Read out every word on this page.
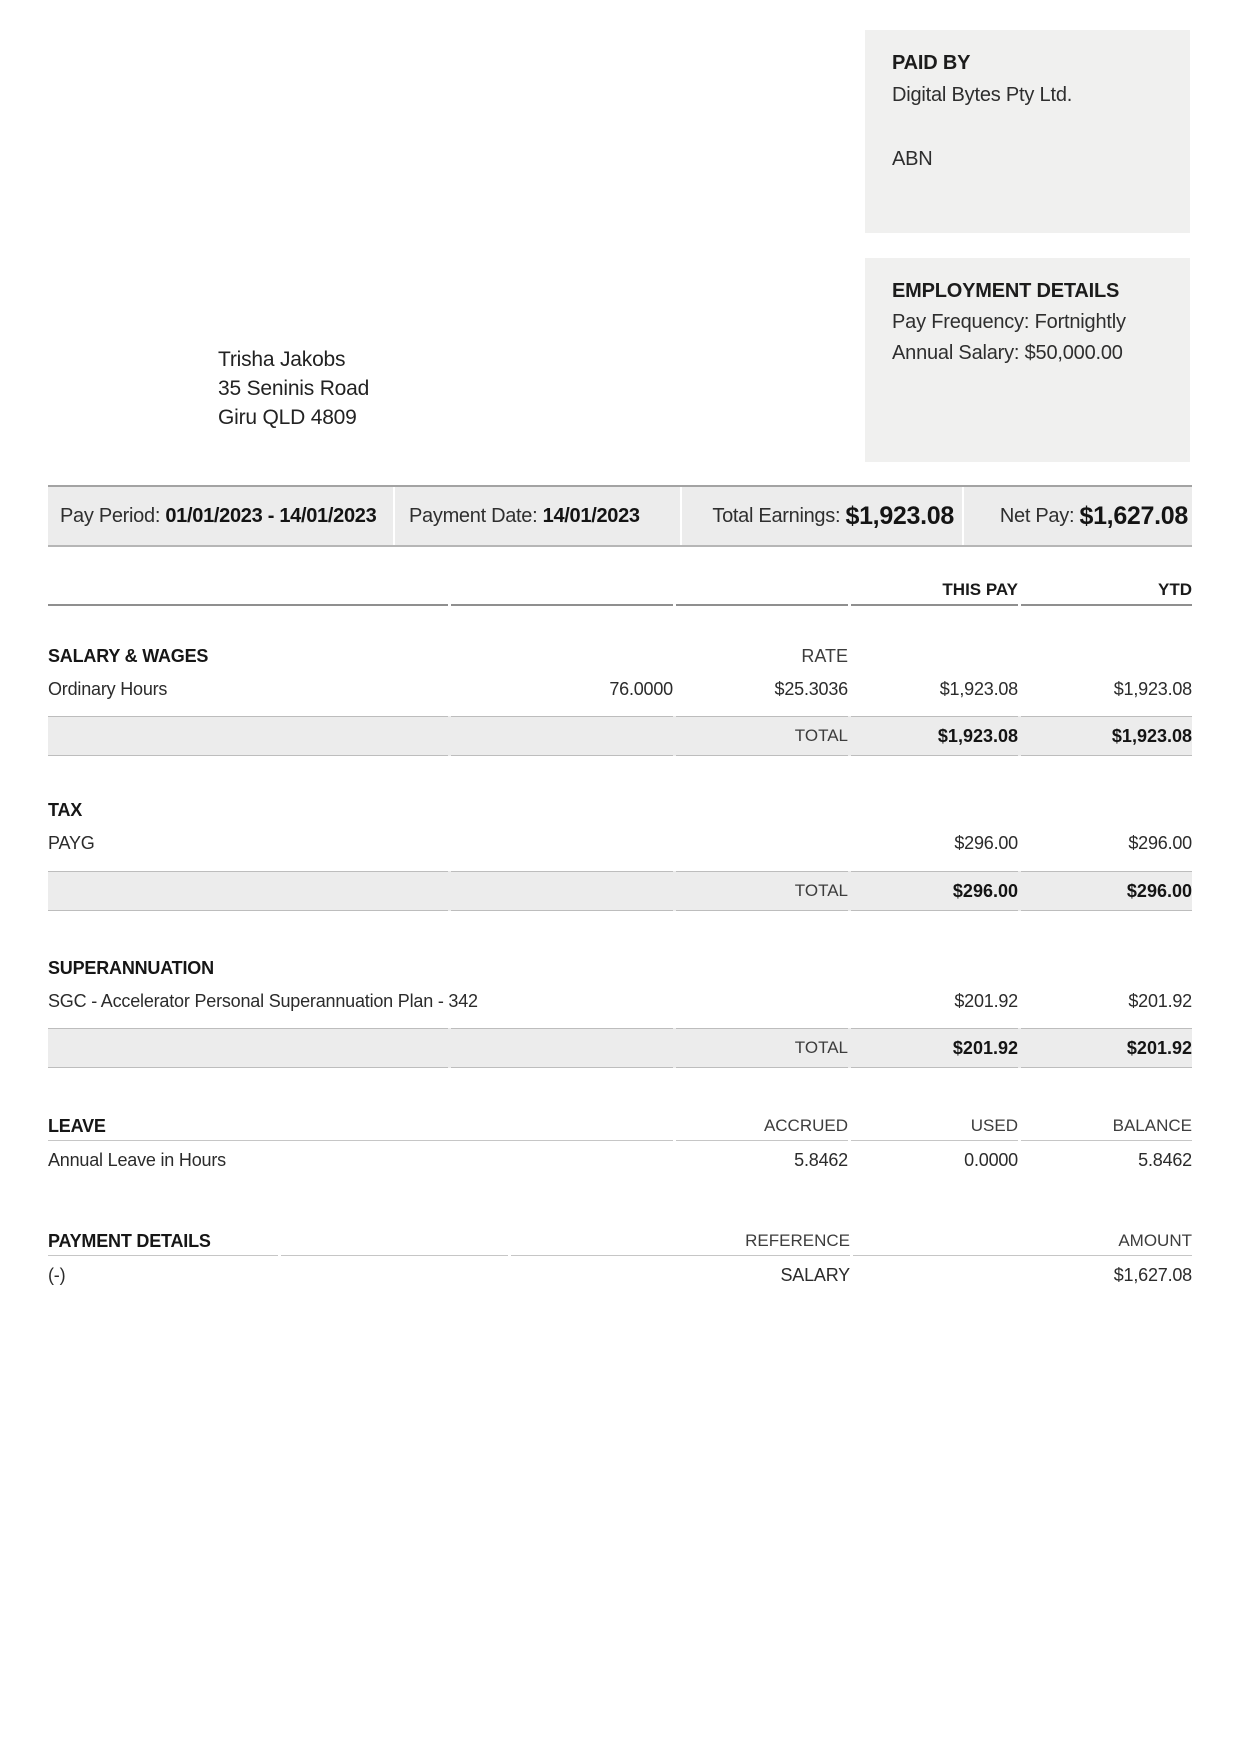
PAID BY
Digital Bytes Pty Ltd.
ABN
EMPLOYMENT DETAILS
Pay Frequency: Fortnightly
Annual Salary: $50,000.00
Trisha Jakobs
35 Seninis Road
Giru QLD 4809
Pay Period: 01/01/2023 - 14/01/2023 Payment Date: 14/01/2023	Total Earnings: $1,923.08 Net Pay: $1,627.08
THIS PAY	YTD
SALARY & WAGES	RATE
Ordinary Hours	76.0000	$25.3036	$1,923.08	$1,923.08
TOTAL	$1,923.08	$1,923.08
TAX
PAYG	$296.00	$296.00
TOTAL	$296.00	$296.00
SUPERANNUATION
SGC - Accelerator Personal Superannuation Plan - 342	$201.92	$201.92
TOTAL	$201.92	$201.92
LEAVE	ACCRUED	USED	BALANCE
Annual Leave in Hours	5.8462	0.0000	5.8462
PAYMENT DETAILS	REFERENCE	AMOUNT
(-)	SALARY	$1,627.08
